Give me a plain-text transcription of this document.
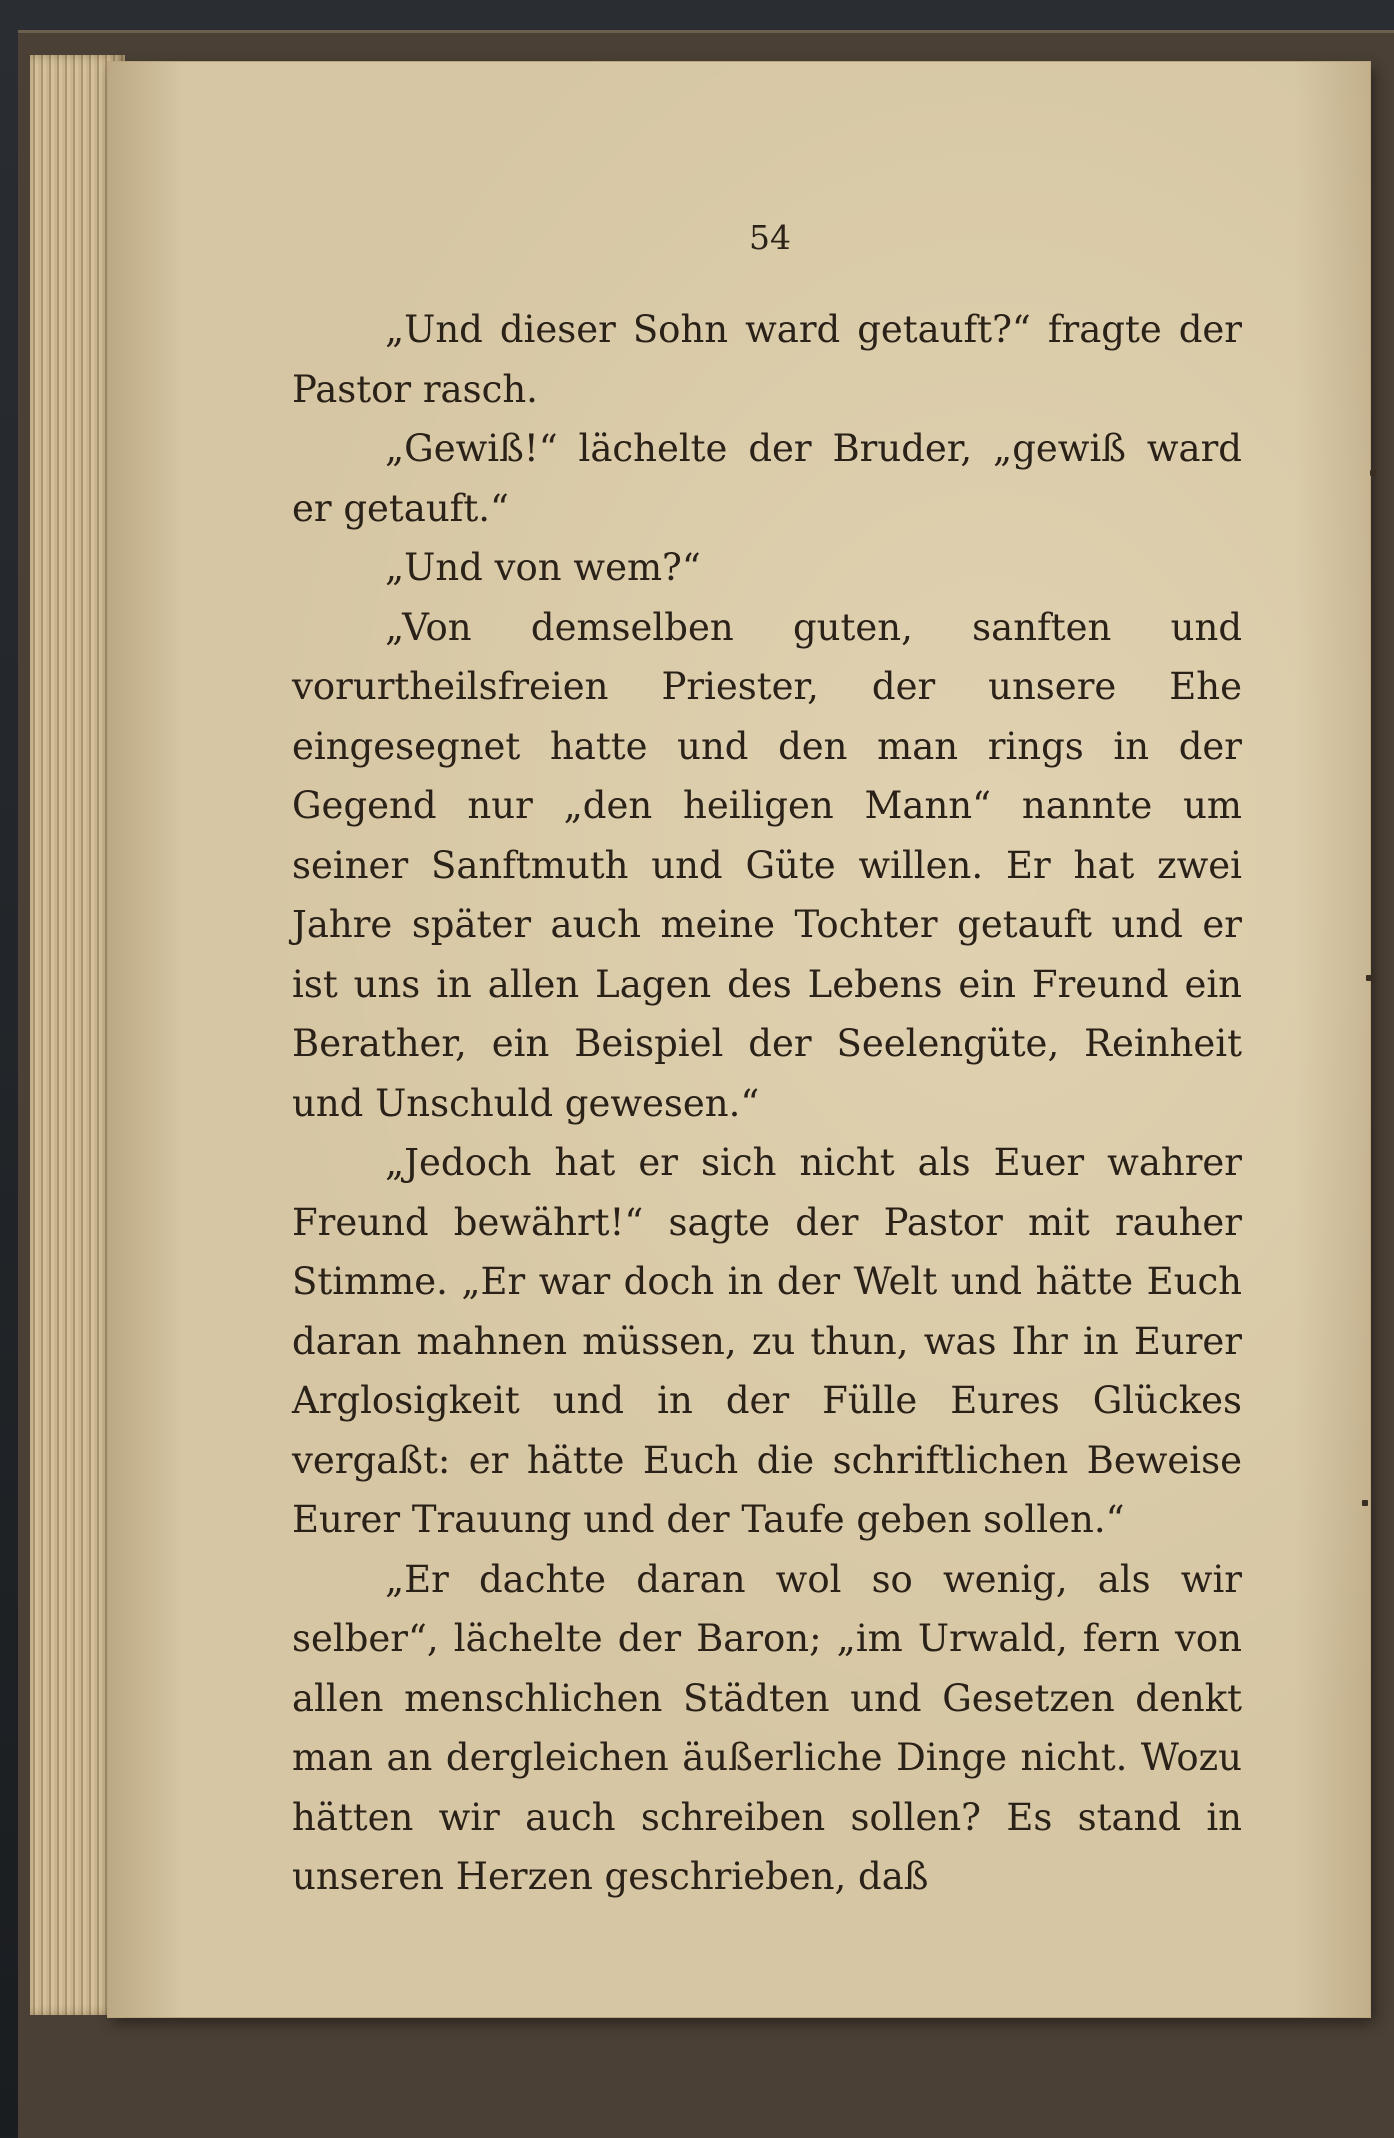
54

„Und dieser Sohn ward getauft?“ fragte der Pastor rasch.

„Gewiß!“ lächelte der Bruder, „gewiß ward er getauft.“

„Und von wem?“

„Von demselben guten, sanften und vorurtheilsfreien Priester, der unsere Ehe eingesegnet hatte und den man rings in der Gegend nur „den heiligen Mann“ nannte um seiner Sanftmuth und Güte willen. Er hat zwei Jahre später auch meine Tochter getauft und er ist uns in allen Lagen des Lebens ein Freund ein Berather, ein Beispiel der Seelengüte, Reinheit und Unschuld gewesen.“

„Jedoch hat er sich nicht als Euer wahrer Freund bewährt!“ sagte der Pastor mit rauher Stimme. „Er war doch in der Welt und hätte Euch daran mahnen müssen, zu thun, was Ihr in Eurer Arglosigkeit und in der Fülle Eures Glückes vergaßt: er hätte Euch die schriftlichen Beweise Eurer Trauung und der Taufe geben sollen.“

„Er dachte daran wol so wenig, als wir selber“, lächelte der Baron; „im Urwald, fern von allen menschlichen Städten und Gesetzen denkt man an dergleichen äußerliche Dinge nicht. Wozu hätten wir auch schreiben sollen? Es stand in unseren Herzen geschrieben, daß
